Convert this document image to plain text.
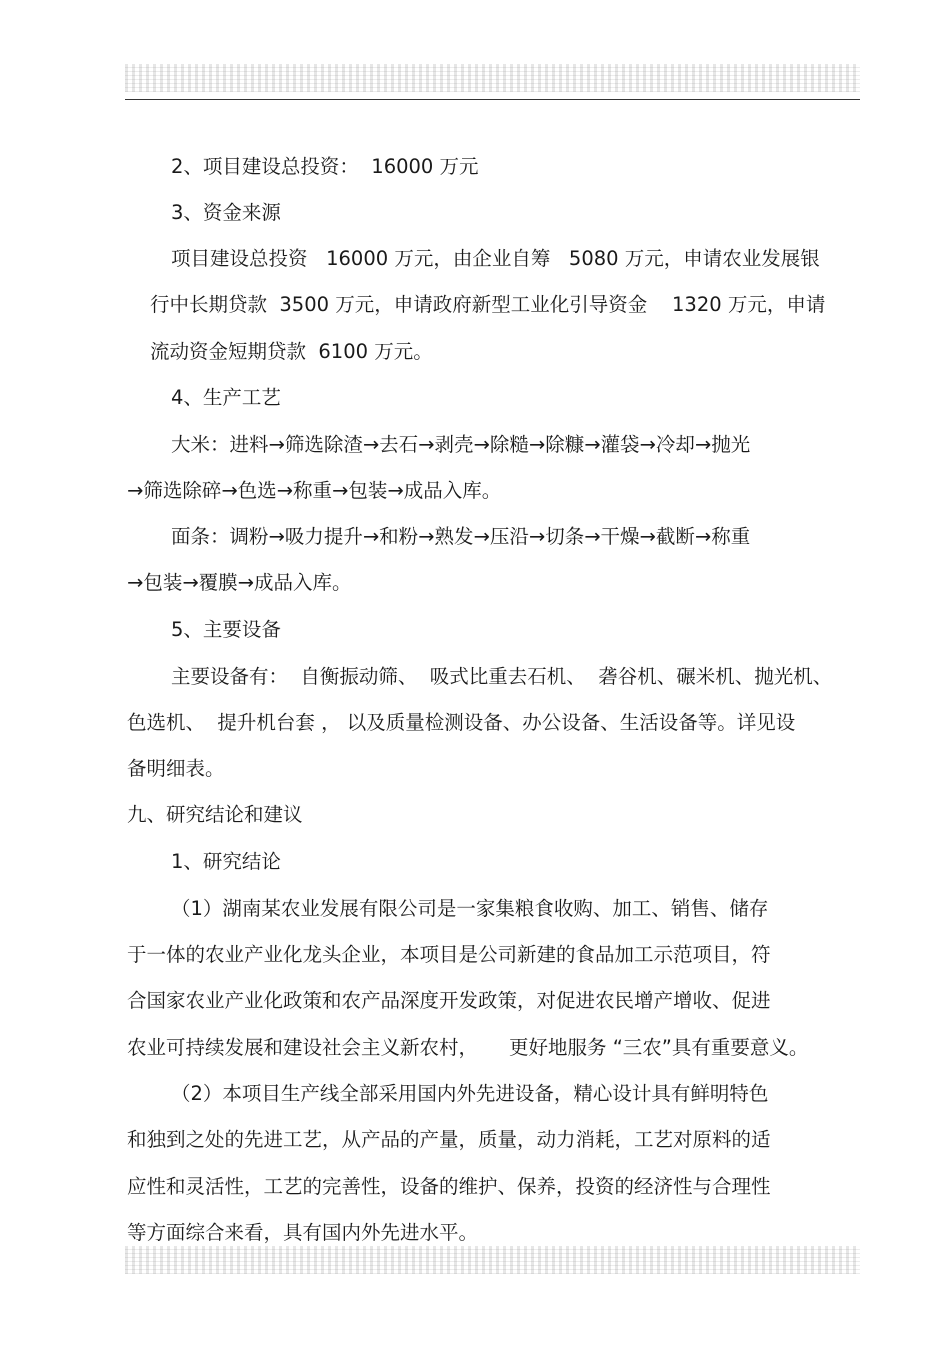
2、项目建设总投资：  16000 万元
3、资金来源
项目建设总投资   16000 万元，由企业自筹   5080 万元，申请农业发展银
行中长期贷款  3500 万元，申请政府新型工业化引导资金    1320 万元，申请
流动资金短期贷款  6100 万元。
4、生产工艺
大米：进料→筛选除渣→去石→剥壳→除糙→除糠→灌袋→冷却→抛光
→筛选除碎→色选→称重→包装→成品入库。
面条：调粉→吸力提升→和粉→熟发→压沿→切条→干燥→截断→称重
→包装→覆膜→成品入库。
5、主要设备
主要设备有：  自衡振动筛、  吸式比重去石机、  砻谷机、碾米机、抛光机、
色选机、  提升机台套 ， 以及质量检测设备、办公设备、生活设备等。详见设
备明细表。
九、研究结论和建议
1、研究结论
（1）湖南某农业发展有限公司是一家集粮食收购、加工、销售、储存
于一体的农业产业化龙头企业，本项目是公司新建的食品加工示范项目，符
合国家农业产业化政策和农产品深度开发政策，对促进农民增产增收、促进
农业可持续发展和建设社会主义新农村，     更好地服务 “三农”具有重要意义。
（2）本项目生产线全部采用国内外先进设备，精心设计具有鲜明特色
和独到之处的先进工艺，从产品的产量，质量，动力消耗，工艺对原料的适
应性和灵活性，工艺的完善性，设备的维护、保养，投资的经济性与合理性
等方面综合来看，具有国内外先进水平。
